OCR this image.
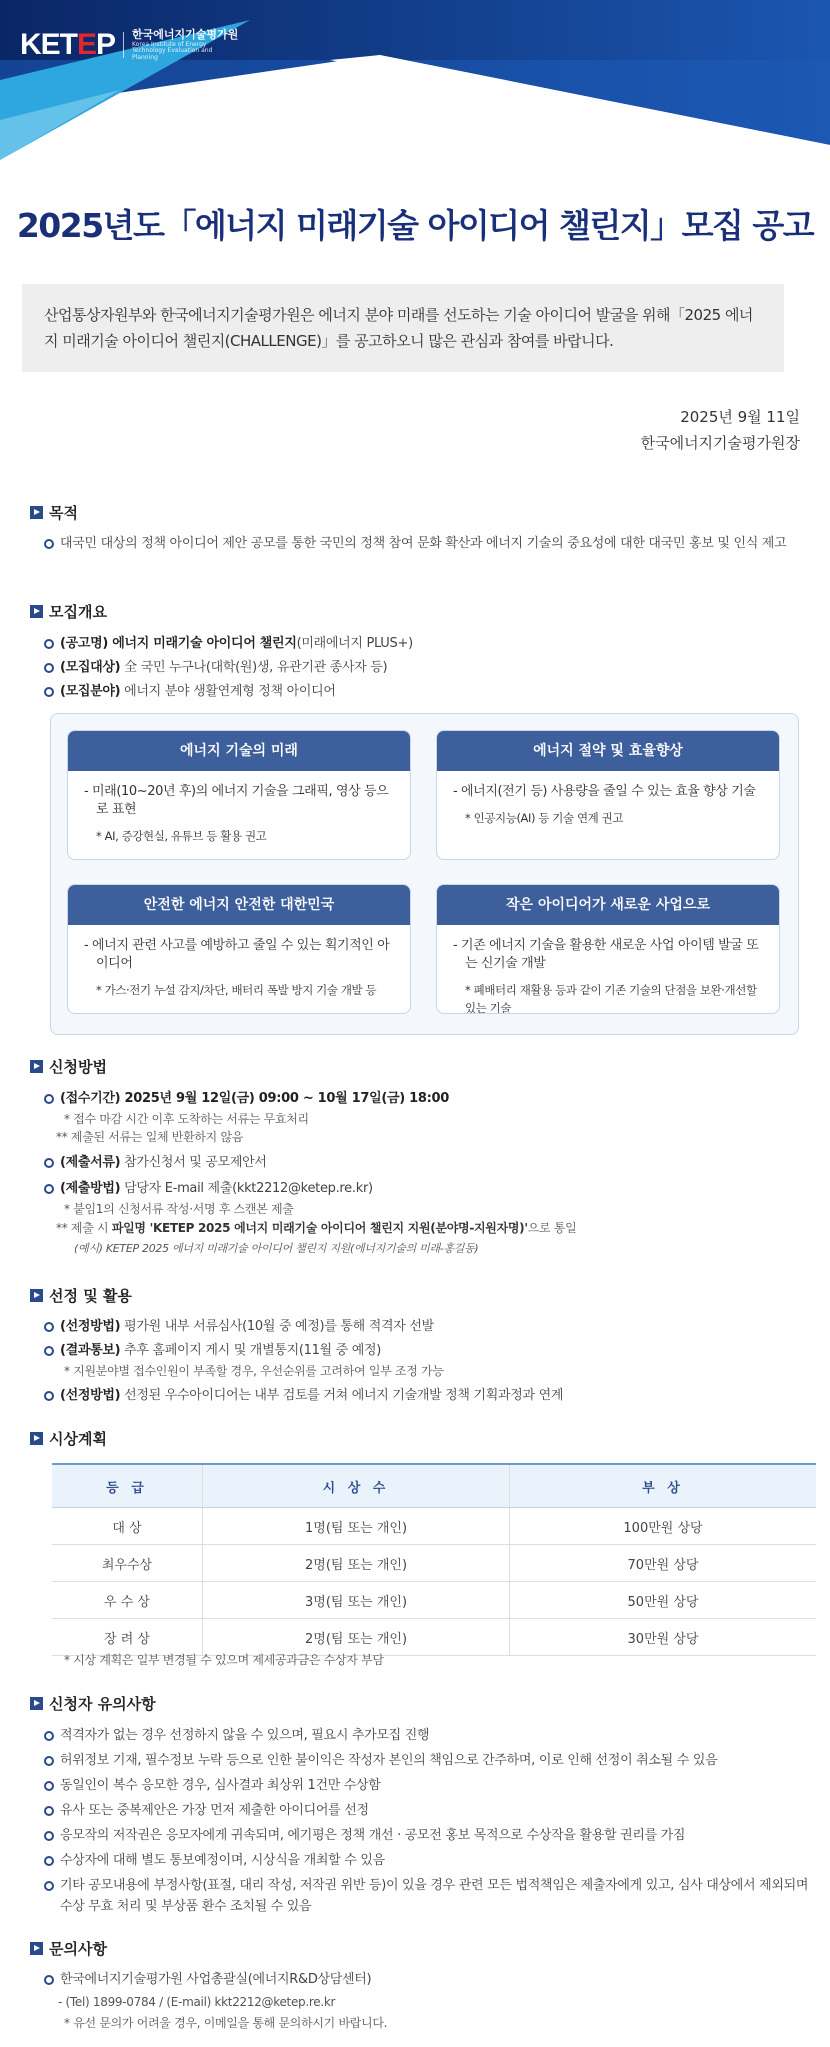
KETEP 한국에너지기술평가원
Korea Institute of Energy Technology Evaluation and Planning
2025년도「에너지 미래기술 아이디어 챌린지」모집 공고
산업통상자원부와 한국에너지기술평가원은 에너지 분야 미래를 선도하는 기술 아이디어 발굴을 위해「2025 에너지 미래기술 아이디어 챌린지(CHALLENGE)」를 공고하오니 많은 관심과 참여를 바랍니다.
2025년 9월 11일
한국에너지기술평가원장
목적
대국민 대상의 정책 아이디어 제안 공모를 통한 국민의 정책 참여 문화 확산과 에너지 기술의 중요성에 대한 대국민 홍보 및 인식 제고
모집개요
(공고명) 에너지 미래기술 아이디어 챌린지(미래에너지 PLUS+)
(모집대상) 全 국민 누구나(대학(원)생, 유관기관 종사자 등)
(모집분야) 에너지 분야 생활연계형 정책 아이디어
에너지 기술의 미래
- 미래(10~20년 후)의 에너지 기술을 그래픽, 영상 등으로 표현
* AI, 증강현실, 유튜브 등 활용 권고
에너지 절약 및 효율향상
- 에너지(전기 등) 사용량을 줄일 수 있는 효율 향상 기술
* 인공지능(AI) 등 기술 연계 권고
안전한 에너지 안전한 대한민국
- 에너지 관련 사고를 예방하고 줄일 수 있는 획기적인 아이디어
* 가스·전기 누설 감지/차단, 배터리 폭발 방지 기술 개발 등
작은 아이디어가 새로운 사업으로
- 기존 에너지 기술을 활용한 새로운 사업 아이템 발굴 또는 신기술 개발
* 폐배터리 재활용 등과 같이 기존 기술의 단점을 보완·개선할 있는 기술
신청방법
(접수기간) 2025년 9월 12일(금) 09:00 ~ 10월 17일(금) 18:00
* 접수 마감 시간 이후 도착하는 서류는 무효처리
** 제출된 서류는 일체 반환하지 않음
(제출서류) 참가신청서 및 공모제안서
(제출방법) 담당자 E-mail 제출(kkt2212@ketep.re.kr)
* 붙임1의 신청서류 작성·서명 후 스캔본 제출
** 제출 시 파일명 'KETEP 2025 에너지 미래기술 아이디어 챌린지 지원(분야명-지원자명)'으로 통일
(예시) KETEP 2025 에너지 미래기술 아이디어 챌린지 지원(에너지기술의 미래-홍길동)
선정 및 활용
(선정방법) 평가원 내부 서류심사(10월 중 예정)를 통해 적격자 선발
(결과통보) 추후 홈페이지 게시 및 개별통지(11월 중 예정)
* 지원분야별 접수인원이 부족할 경우, 우선순위를 고려하여 일부 조정 가능
(선정방법) 선정된 우수아이디어는 내부 검토를 거쳐 에너지 기술개발 정책 기획과정과 연계
시상계획
등 급	시 상 수	부 상
대 상	1명(팀 또는 개인)	100만원 상당
최우수상	2명(팀 또는 개인)	70만원 상당
우 수 상	3명(팀 또는 개인)	50만원 상당
장 려 상	2명(팀 또는 개인)	30만원 상당
* 시상 계획은 일부 변경될 수 있으며 제세공과금은 수상자 부담
신청자 유의사항
적격자가 없는 경우 선정하지 않을 수 있으며, 필요시 추가모집 진행
허위정보 기재, 필수정보 누락 등으로 인한 불이익은 작성자 본인의 책임으로 간주하며, 이로 인해 선정이 취소될 수 있음
동일인이 복수 응모한 경우, 심사결과 최상위 1건만 수상함
유사 또는 중복제안은 가장 먼저 제출한 아이디어를 선정
응모작의 저작권은 응모자에게 귀속되며, 에기평은 정책 개선 · 공모전 홍보 목적으로 수상작을 활용할 권리를 가짐
수상자에 대해 별도 통보예정이며, 시상식을 개최할 수 있음
기타 공모내용에 부정사항(표절, 대리 작성, 저작권 위반 등)이 있을 경우 관련 모든 법적책임은 제출자에게 있고, 심사 대상에서 제외되며 수상 무효 처리 및 부상품 환수 조치될 수 있음
문의사항
한국에너지기술평가원 사업총괄실(에너지R&D상담센터)
- (Tel) 1899-0784 / (E-mail) kkt2212@ketep.re.kr
* 유선 문의가 어려울 경우, 이메일을 통해 문의하시기 바랍니다.
